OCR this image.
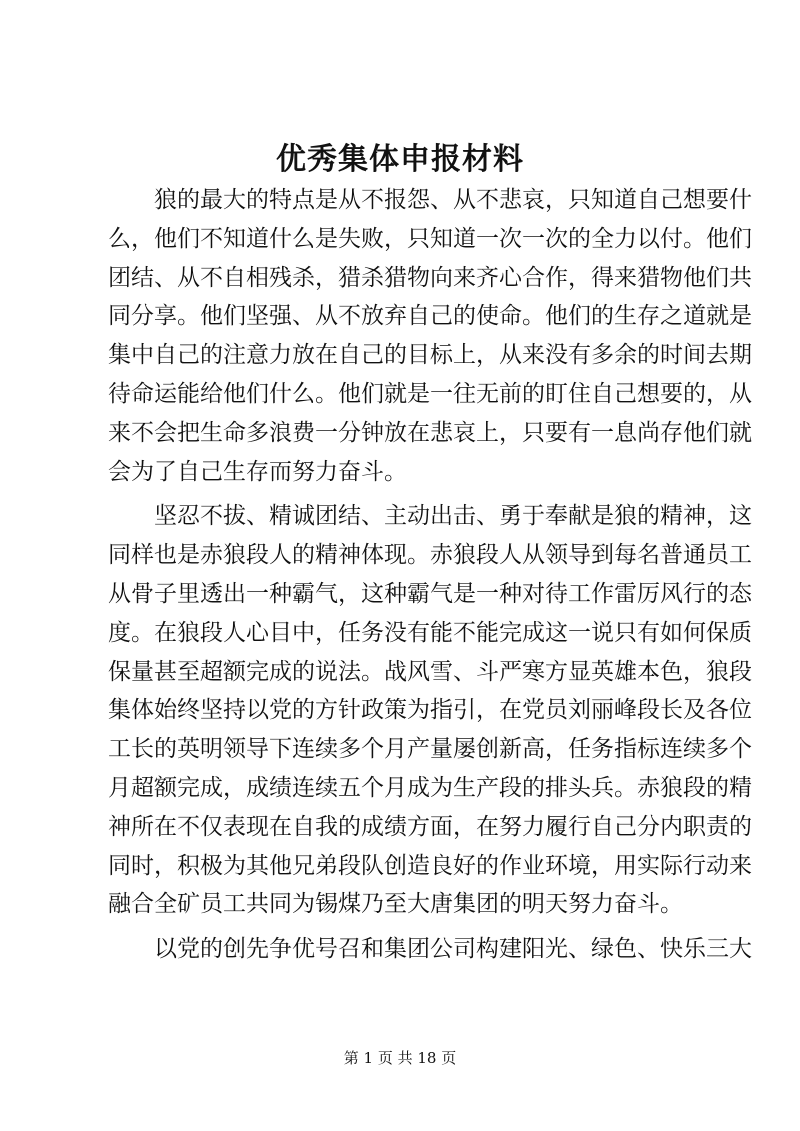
优秀集体申报材料
狼的最大的特点是从不报怨、从不悲哀，只知道自己想要什
么，他们不知道什么是失败，只知道一次一次的全力以付。他们
团结、从不自相残杀，猎杀猎物向来齐心合作，得来猎物他们共
同分享。他们坚强、从不放弃自己的使命。他们的生存之道就是
集中自己的注意力放在自己的目标上，从来没有多余的时间去期
待命运能给他们什么。他们就是一往无前的盯住自己想要的，从
来不会把生命多浪费一分钟放在悲哀上，只要有一息尚存他们就
会为了自己生存而努力奋斗。
坚忍不拔、精诚团结、主动出击、勇于奉献是狼的精神，这
同样也是赤狼段人的精神体现。赤狼段人从领导到每名普通员工
从骨子里透出一种霸气，这种霸气是一种对待工作雷厉风行的态
度。在狼段人心目中，任务没有能不能完成这一说只有如何保质
保量甚至超额完成的说法。战风雪、斗严寒方显英雄本色，狼段
集体始终坚持以党的方针政策为指引，在党员刘丽峰段长及各位
工长的英明领导下连续多个月产量屡创新高，任务指标连续多个
月超额完成，成绩连续五个月成为生产段的排头兵。赤狼段的精
神所在不仅表现在自我的成绩方面，在努力履行自己分内职责的
同时，积极为其他兄弟段队创造良好的作业环境，用实际行动来
融合全矿员工共同为锡煤乃至大唐集团的明天努力奋斗。
以党的创先争优号召和集团公司构建阳光、绿色、快乐三大
第 1 页 共 18 页
